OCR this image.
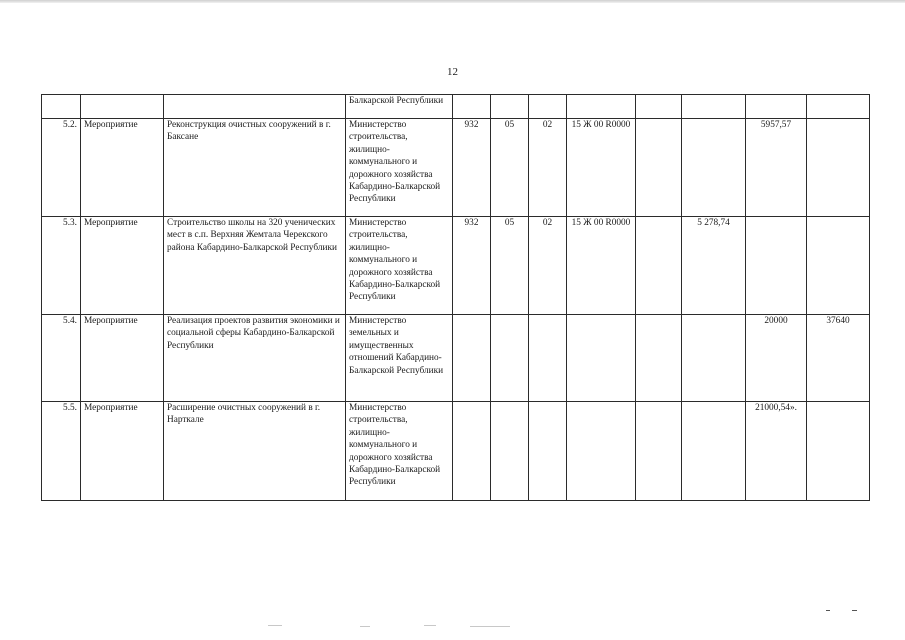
12
			Балкарской Республики								
5.2.	Мероприятие	Реконструкция очистных сооружений в г. Баксане	Министерство строительства, жилищно-коммунального и дорожного хозяйства Кабардино-Балкарской Республики	932	05	02	15 Ж 00 R0000			5957,57	
5.3.	Мероприятие	Строительство школы на 320 ученических мест в с.п. Верхняя Жемтала Черекского района Кабардино-Балкарской Республики	Министерство строительства, жилищно-коммунального и дорожного хозяйства Кабардино-Балкарской Республики	932	05	02	15 Ж 00 R0000		5 278,74		
5.4.	Мероприятие	Реализация проектов развития экономики и социальной сферы Кабардино-Балкарской Республики	Министерство земельных и имущественных отношений Кабардино-Балкарской Республики							20000	37640
5.5.	Мероприятие	Расширение очистных сооружений в г. Нарткале	Министерство строительства, жилищно-коммунального и дорожного хозяйства Кабардино-Балкарской Республики							21000,54».	
